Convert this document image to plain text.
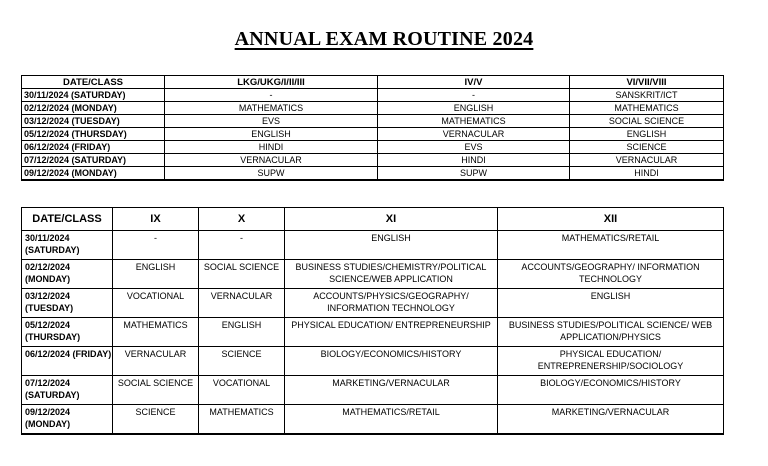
ANNUAL EXAM ROUTINE 2024
DATE/CLASS	LKG/UKG/I/II/III	IV/V	VI/VII/VIII
30/11/2024 (SATURDAY)	-	-	SANSKRIT/ICT
02/12/2024 (MONDAY)	MATHEMATICS	ENGLISH	MATHEMATICS
03/12/2024 (TUESDAY)	EVS	MATHEMATICS	SOCIAL SCIENCE
05/12/2024 (THURSDAY)	ENGLISH	VERNACULAR	ENGLISH
06/12/2024 (FRIDAY)	HINDI	EVS	SCIENCE
07/12/2024 (SATURDAY)	VERNACULAR	HINDI	VERNACULAR
09/12/2024 (MONDAY)	SUPW	SUPW	HINDI
DATE/CLASS	IX	X	XI	XII
30/11/2024 (SATURDAY)	-	-	ENGLISH	MATHEMATICS/RETAIL
02/12/2024 (MONDAY)	ENGLISH	SOCIAL SCIENCE	BUSINESS STUDIES/CHEMISTRY/POLITICAL SCIENCE/WEB APPLICATION	ACCOUNTS/GEOGRAPHY/ INFORMATION TECHNOLOGY
03/12/2024 (TUESDAY)	VOCATIONAL	VERNACULAR	ACCOUNTS/PHYSICS/GEOGRAPHY/ INFORMATION TECHNOLOGY	ENGLISH
05/12/2024 (THURSDAY)	MATHEMATICS	ENGLISH	PHYSICAL EDUCATION/ ENTREPRENEURSHIP	BUSINESS STUDIES/POLITICAL SCIENCE/ WEB APPLICATION/PHYSICS
06/12/2024 (FRIDAY)	VERNACULAR	SCIENCE	BIOLOGY/ECONOMICS/HISTORY	PHYSICAL EDUCATION/ ENTREPRENERSHIP/SOCIOLOGY
07/12/2024 (SATURDAY)	SOCIAL SCIENCE	VOCATIONAL	MARKETING/VERNACULAR	BIOLOGY/ECONOMICS/HISTORY
09/12/2024 (MONDAY)	SCIENCE	MATHEMATICS	MATHEMATICS/RETAIL	MARKETING/VERNACULAR
